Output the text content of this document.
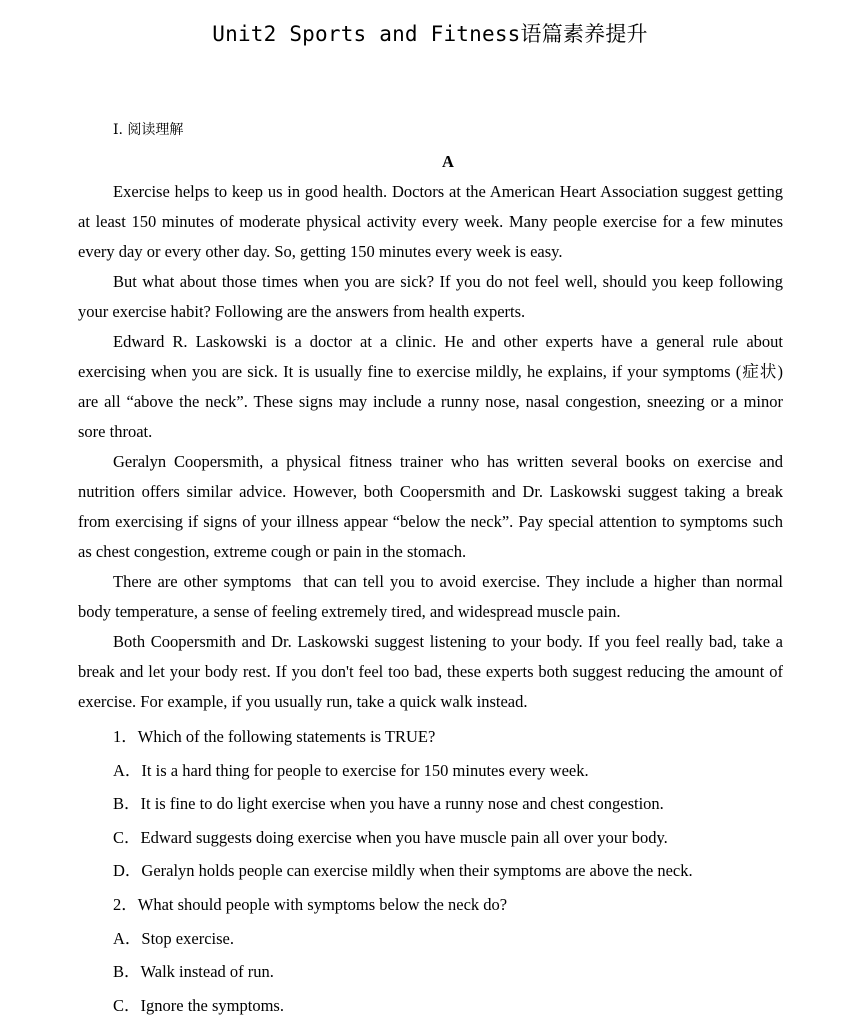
Unit2 Sports and Fitness语篇素养提升
Ⅰ. 阅读理解
A

Exercise helps to keep us in good health. Doctors at the American Heart Association suggest getting at least 150 minutes of moderate physical activity every week. Many people exercise for a few minutes every day or every other day. So, getting 150 minutes every week is easy.

But what about those times when you are sick? If you do not feel well, should you keep following your exercise habit? Following are the answers from health experts.

Edward R. Laskowski is a doctor at a clinic. He and other experts have a general rule about exercising when you are sick. It is usually fine to exercise mildly, he explains, if your symptoms (症状) are all “above the neck”. These signs may include a runny nose, nasal congestion, sneezing or a minor sore throat.

Geralyn Coopersmith, a physical fitness trainer who has written several books on exercise and nutrition offers similar advice. However, both Coopersmith and Dr. Laskowski suggest taking a break from exercising if signs of your illness appear “below the neck”. Pay special attention to symptoms such as chest congestion, extreme cough or pain in the stomach.

There are other symptoms  that can tell you to avoid exercise. They include a higher than normal body temperature, a sense of feeling extremely tired, and widespread muscle pain.

Both Coopersmith and Dr. Laskowski suggest listening to your body. If you feel really bad, take a break and let your body rest. If you don't feel too bad, these experts both suggest reducing the amount of exercise. For example, if you usually run, take a quick walk instead.

1．Which of the following statements is TRUE?
A．It is a hard thing for people to exercise for 150 minutes every week.
B．It is fine to do light exercise when you have a runny nose and chest congestion.
C．Edward suggests doing exercise when you have muscle pain all over your body.
D．Geralyn holds people can exercise mildly when their symptoms are above the neck.
2．What should people with symptoms below the neck do?
A．Stop exercise.
B．Walk instead of run.
C．Ignore the symptoms.
